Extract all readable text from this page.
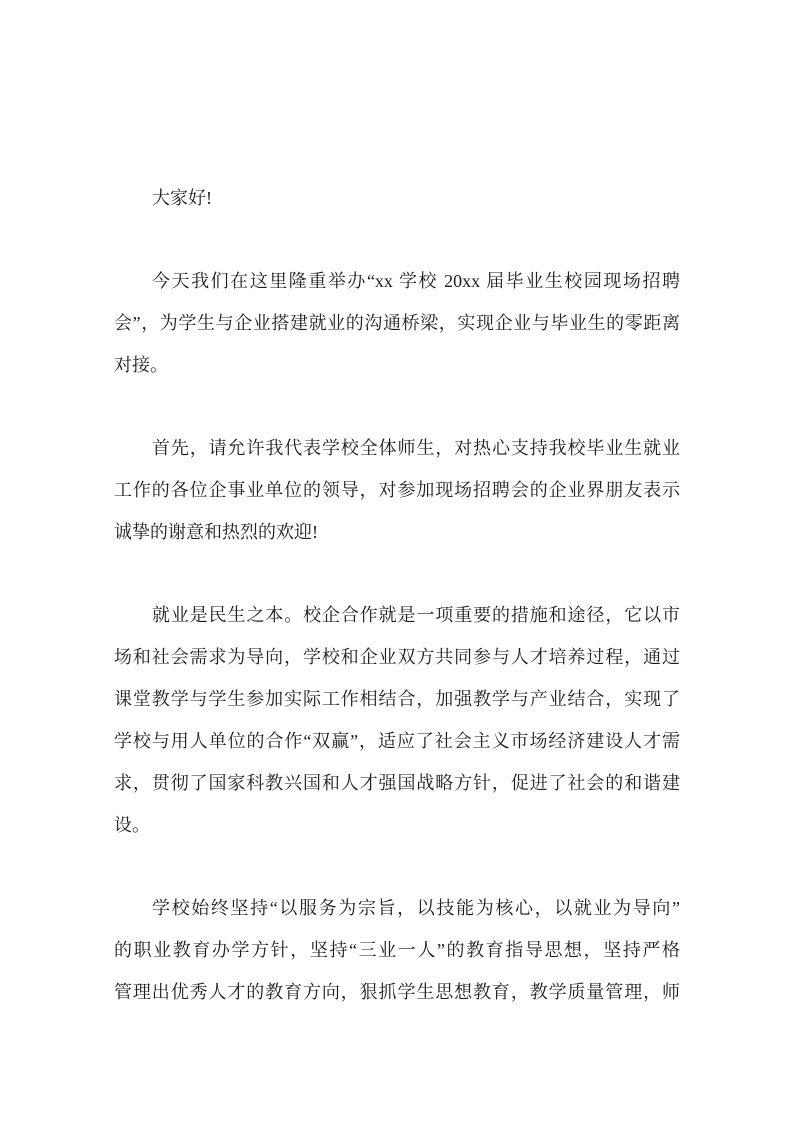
大家好!

今天我们在这里隆重举办“xx 学校 20xx 届毕业生校园现场招聘
会”，为学生与企业搭建就业的沟通桥梁，实现企业与毕业生的零距离
对接。

首先，请允许我代表学校全体师生，对热心支持我校毕业生就业
工作的各位企事业单位的领导，对参加现场招聘会的企业界朋友表示
诚挚的谢意和热烈的欢迎!

就业是民生之本。校企合作就是一项重要的措施和途径，它以市
场和社会需求为导向，学校和企业双方共同参与人才培养过程，通过
课堂教学与学生参加实际工作相结合，加强教学与产业结合，实现了
学校与用人单位的合作“双赢”，适应了社会主义市场经济建设人才需
求，贯彻了国家科教兴国和人才强国战略方针，促进了社会的和谐建
设。

学校始终坚持“以服务为宗旨，以技能为核心，以就业为导向”
的职业教育办学方针，坚持“三业一人”的教育指导思想，坚持严格
管理出优秀人才的教育方向，狠抓学生思想教育，教学质量管理，师
